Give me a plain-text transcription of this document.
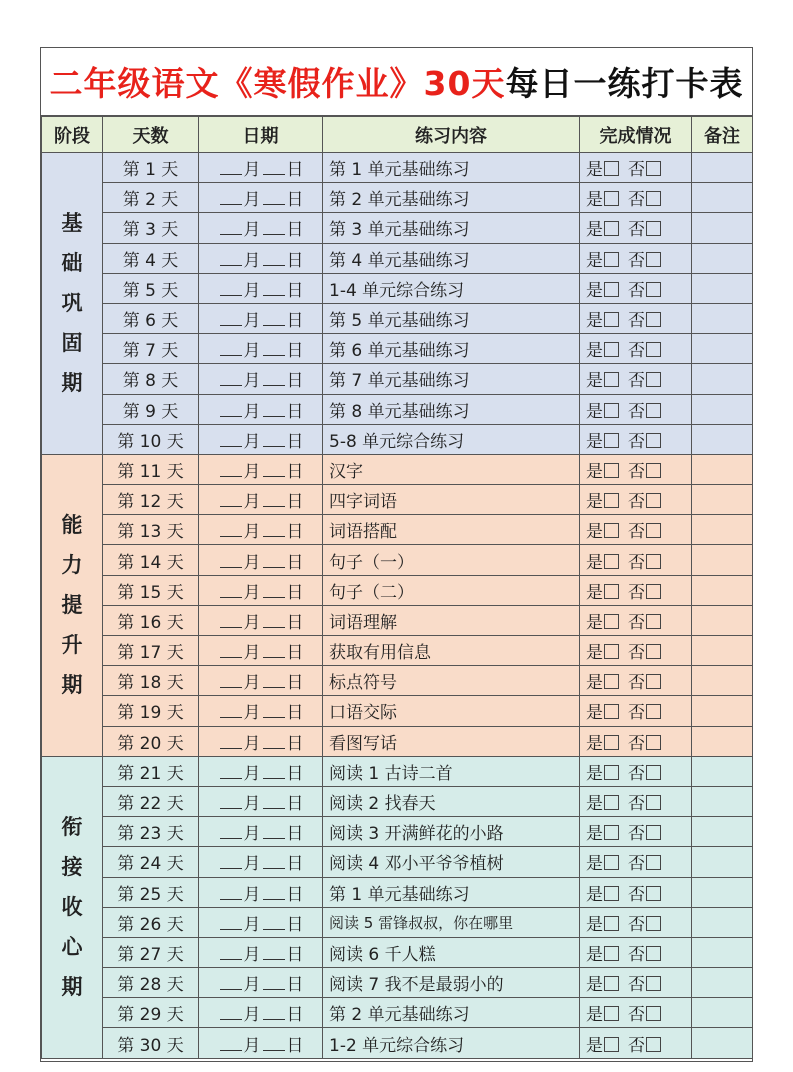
二年级语文《寒假作业》30天每日一练打卡表
阶段	天数	日期	练习内容	完成情况	备注

基
础
巩
固
期	第 1 天	月 日	第 1 单元基础练习	是 否	
	第 2 天	月 日	第 2 单元基础练习	是 否	
	第 3 天	月 日	第 3 单元基础练习	是 否	
	第 4 天	月 日	第 4 单元基础练习	是 否	
	第 5 天	月 日	1-4 单元综合练习	是 否	
	第 6 天	月 日	第 5 单元基础练习	是 否	
	第 7 天	月 日	第 6 单元基础练习	是 否	
	第 8 天	月 日	第 7 单元基础练习	是 否	
	第 9 天	月 日	第 8 单元基础练习	是 否	
	第 10 天	月 日	5-8 单元综合练习	是 否	

能
力
提
升
期	第 11 天	月 日	汉字	是 否	
	第 12 天	月 日	四字词语	是 否	
	第 13 天	月 日	词语搭配	是 否	
	第 14 天	月 日	句子（一）	是 否	
	第 15 天	月 日	句子（二）	是 否	
	第 16 天	月 日	词语理解	是 否	
	第 17 天	月 日	获取有用信息	是 否	
	第 18 天	月 日	标点符号	是 否	
	第 19 天	月 日	口语交际	是 否	
	第 20 天	月 日	看图写话	是 否	

衔
接
收
心
期	第 21 天	月 日	阅读 1 古诗二首	是 否	
	第 22 天	月 日	阅读 2 找春天	是 否	
	第 23 天	月 日	阅读 3 开满鲜花的小路	是 否	
	第 24 天	月 日	阅读 4 邓小平爷爷植树	是 否	
	第 25 天	月 日	第 1 单元基础练习	是 否	
	第 26 天	月 日	阅读 5 雷锋叔叔，你在哪里	是 否	
	第 27 天	月 日	阅读 6 千人糕	是 否	
	第 28 天	月 日	阅读 7 我不是最弱小的	是 否	
	第 29 天	月 日	第 2 单元基础练习	是 否	
	第 30 天	月 日	1-2 单元综合练习	是 否	
